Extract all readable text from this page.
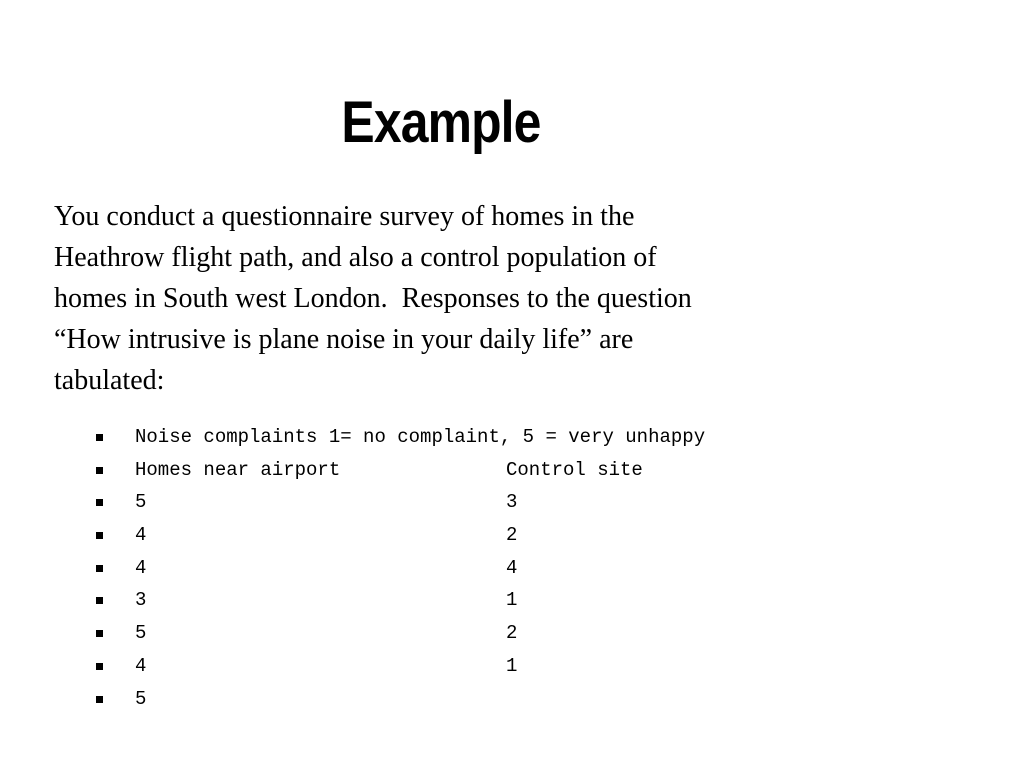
Example

You conduct a questionnaire survey of homes in the
Heathrow flight path, and also a control population of
homes in South west London.  Responses to the question
“How intrusive is plane noise in your daily life” are
tabulated:

Noise complaints 1= no complaint, 5 = very unhappy
Homes near airport	Control site
5	3
4	2
4	4
3	1
5	2
4	1
5
